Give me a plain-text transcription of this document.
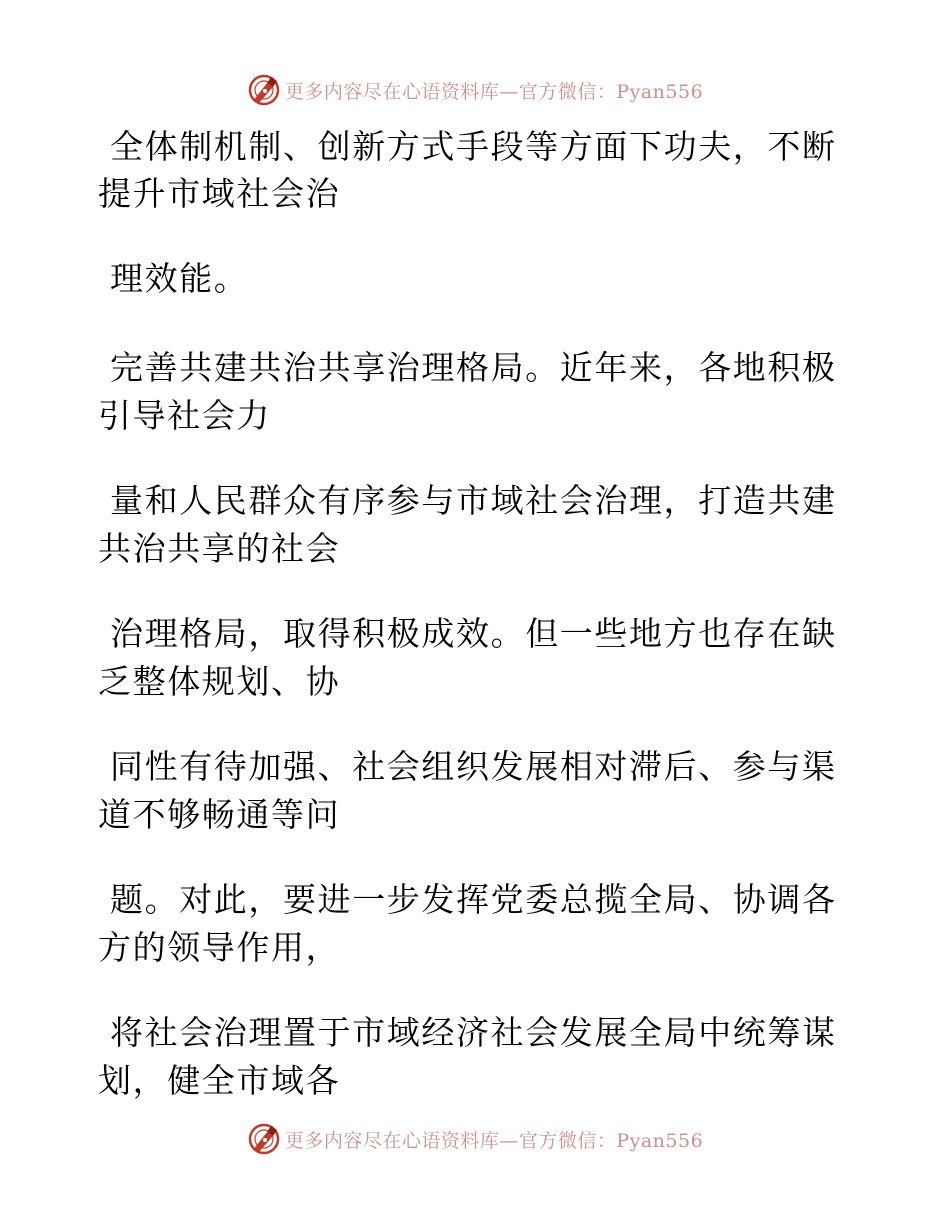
更多内容尽在心语资料库—官方微信：Pyan556
全体制机制、创新方式手段等方面下功夫，不断
提升市域社会治
理效能。
完善共建共治共享治理格局。近年来，各地积极
引导社会力
量和人民群众有序参与市域社会治理，打造共建
共治共享的社会
治理格局，取得积极成效。但一些地方也存在缺
乏整体规划、协
同性有待加强、社会组织发展相对滞后、参与渠
道不够畅通等问
题。对此，要进一步发挥党委总揽全局、协调各
方的领导作用，
将社会治理置于市域经济社会发展全局中统筹谋
划，健全市域各
更多内容尽在心语资料库—官方微信：Pyan556
